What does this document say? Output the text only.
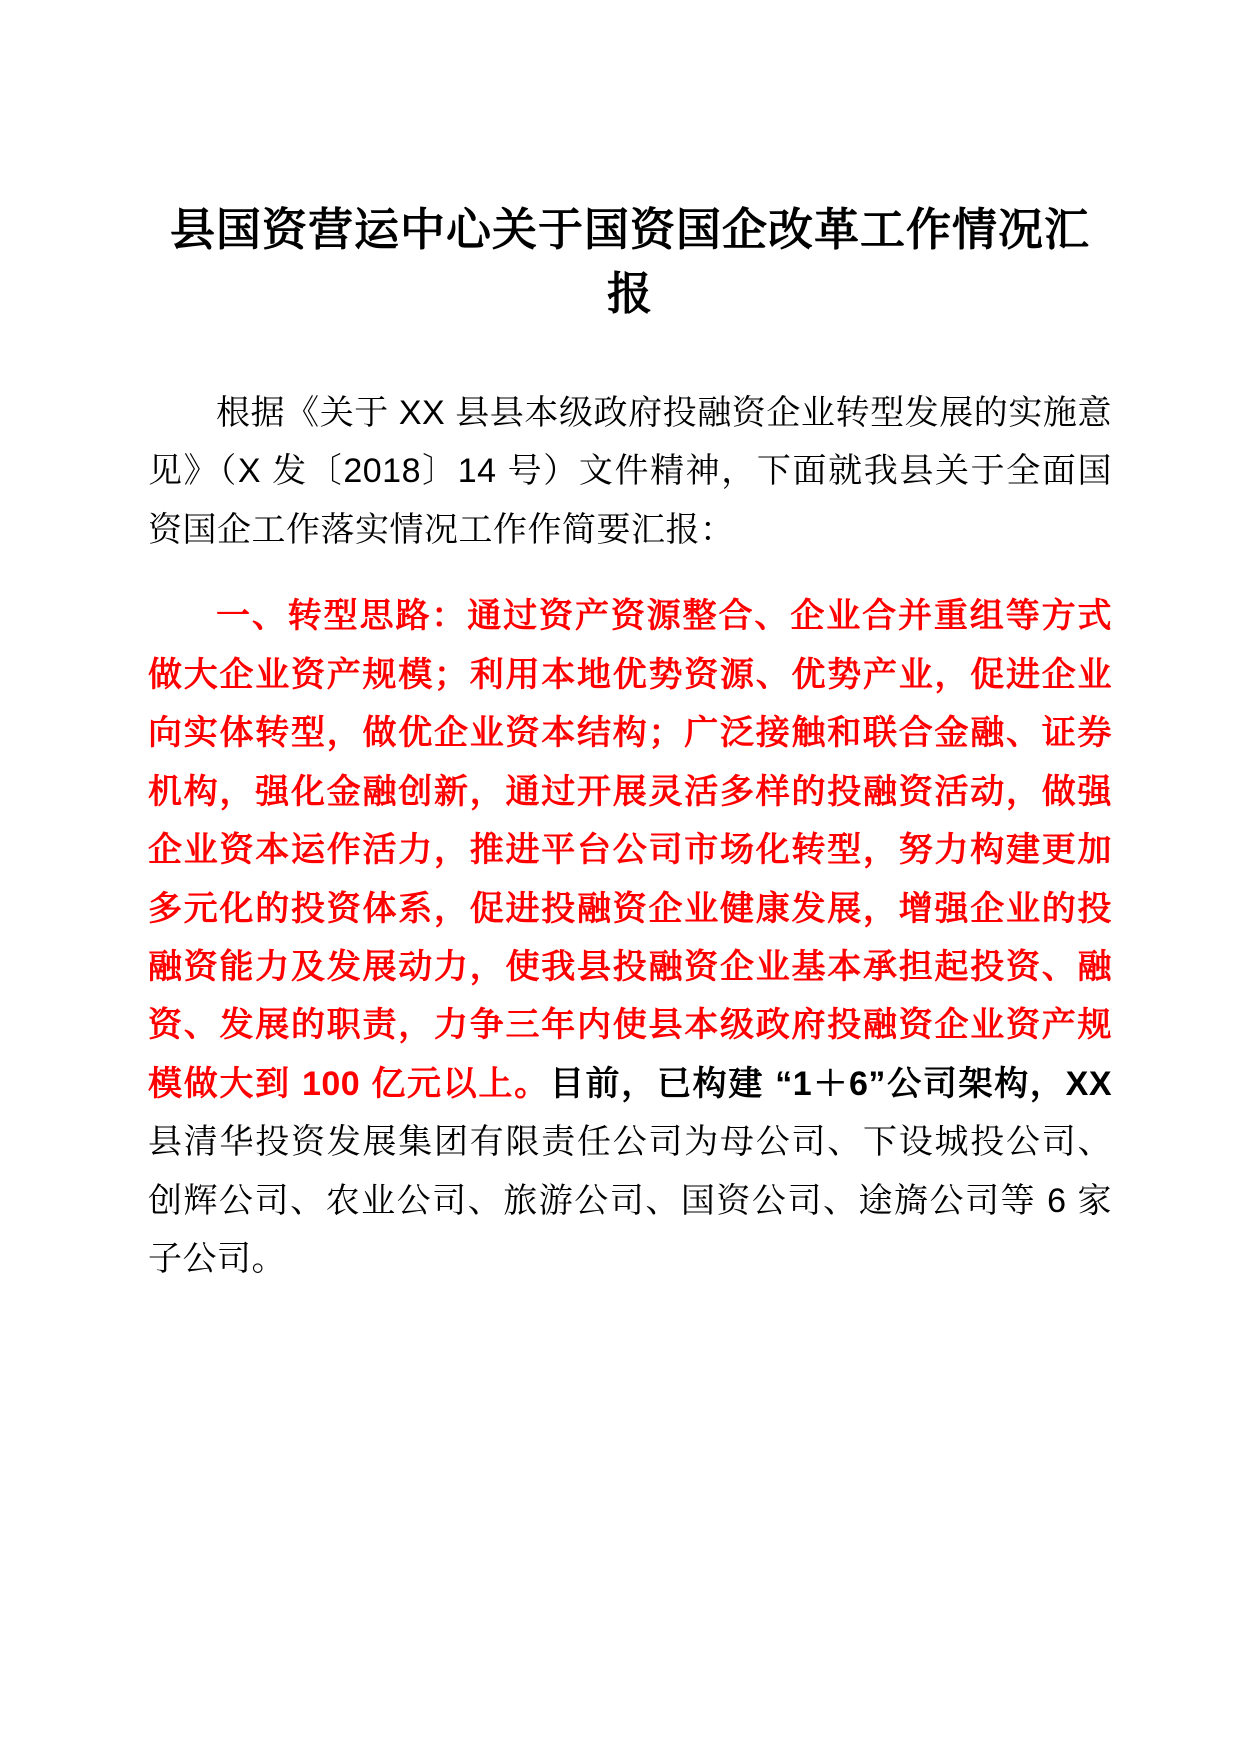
县国资营运中心关于国资国企改革工作情况汇报

根据《关于 XX 县县本级政府投融资企业转型发展的实施意见》（X 发〔2018〕14 号）文件精神，下面就我县关于全面国资国企工作落实情况工作作简要汇报：

一、转型思路：通过资产资源整合、企业合并重组等方式做大企业资产规模；利用本地优势资源、优势产业，促进企业向实体转型，做优企业资本结构；广泛接触和联合金融、证券机构，强化金融创新，通过开展灵活多样的投融资活动，做强企业资本运作活力，推进平台公司市场化转型，努力构建更加多元化的投资体系，促进投融资企业健康发展，增强企业的投融资能力及发展动力，使我县投融资企业基本承担起投资、融资、发展的职责，力争三年内使县本级政府投融资企业资产规模做大到 100 亿元以上。目前，已构建 “1＋6”公司架构，XX县清华投资发展集团有限责任公司为母公司、下设城投公司、创辉公司、农业公司、旅游公司、国资公司、途旖公司等 6 家子公司。
